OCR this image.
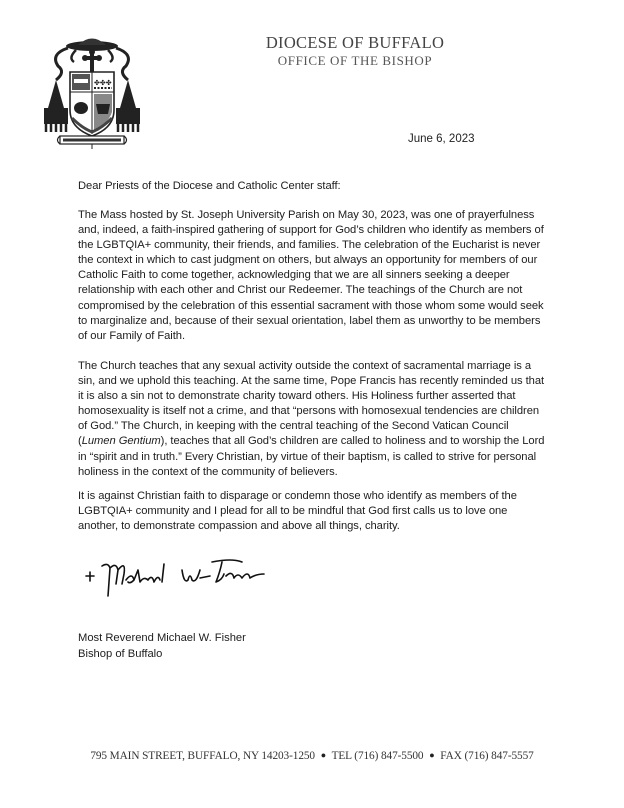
✤✤✤
DIOCESE OF BUFFALO
OFFICE OF THE BISHOP
June 6, 2023

Dear Priests of the Diocese and Catholic Center staff:

The Mass hosted by St. Joseph University Parish on May 30, 2023, was one of prayerfulness and, indeed, a faith-inspired gathering of support for God’s children who identify as members of the LGBTQIA+ community, their friends, and families. The celebration of the Eucharist is never the context in which to cast judgment on others, but always an opportunity for members of our Catholic Faith to come together, acknowledging that we are all sinners seeking a deeper relationship with each other and Christ our Redeemer. The teachings of the Church are not compromised by the celebration of this essential sacrament with those whom some would seek to marginalize and, because of their sexual orientation, label them as unworthy to be members of our Family of Faith.

The Church teaches that any sexual activity outside the context of sacramental marriage is a sin, and we uphold this teaching. At the same time, Pope Francis has recently reminded us that it is also a sin not to demonstrate charity toward others. His Holiness further asserted that homosexuality is itself not a crime, and that “persons with homosexual tendencies are children of God.” The Church, in keeping with the central teaching of the Second Vatican Council (Lumen Gentium), teaches that all God’s children are called to holiness and to worship the Lord in “spirit and in truth.” Every Christian, by virtue of their baptism, is called to strive for personal holiness in the context of the community of believers.

It is against Christian faith to disparage or condemn those who identify as members of the LGBTQIA+ community and I plead for all to be mindful that God first calls us to love one another, to demonstrate compassion and above all things, charity.

Most Reverend Michael W. Fisher
Bishop of Buffalo
795 MAIN STREET, BUFFALO, NY 14203-1250 ● TEL (716) 847-5500 ● FAX (716) 847-5557
